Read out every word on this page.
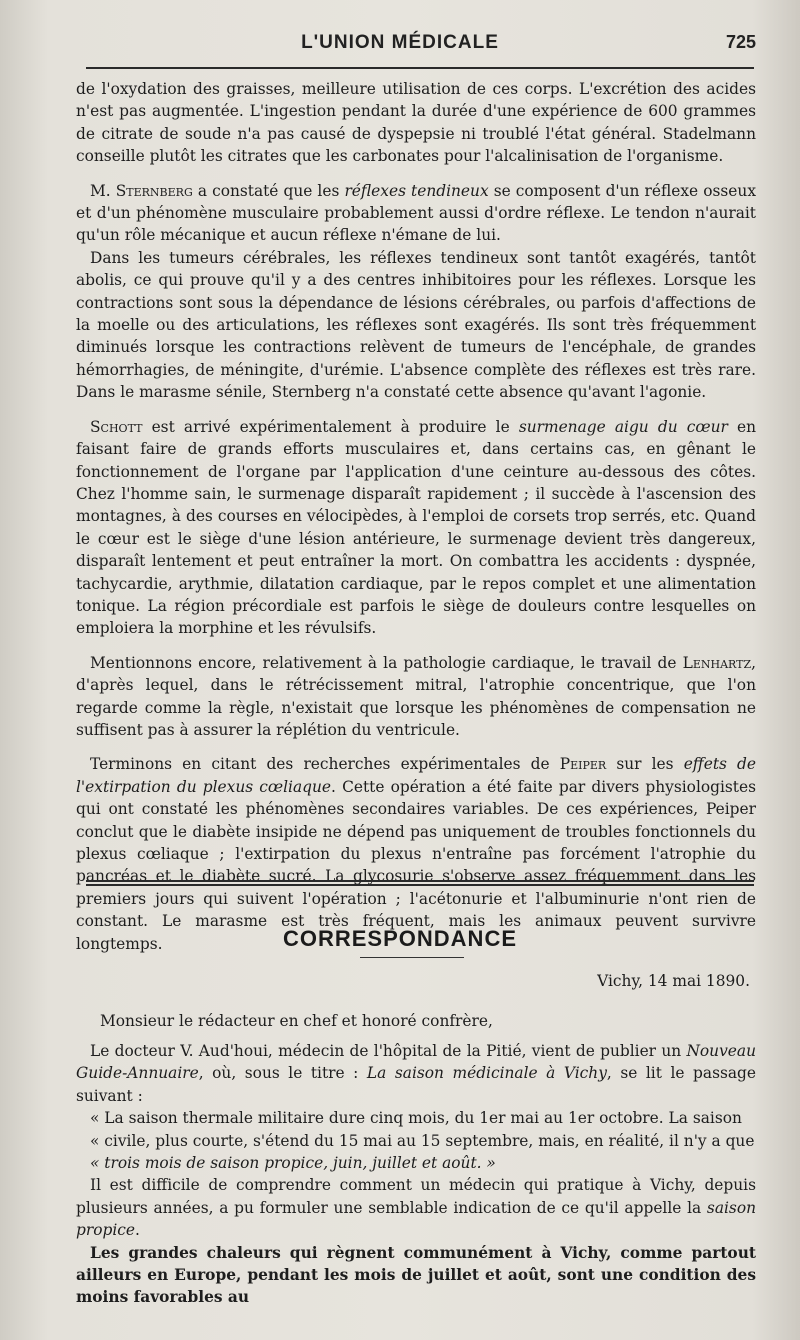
L'UNION MÉDICALE	725

de l'oxydation des graisses, meilleure utilisation de ces corps. L'excrétion des acides n'est pas augmentée. L'ingestion pendant la durée d'une expérience de 600 grammes de citrate de soude n'a pas causé de dyspepsie ni troublé l'état général. Stadelmann conseille plutôt les citrates que les carbonates pour l'alcalinisation de l'organisme.

M. Sternberg a constaté que les réflexes tendineux se composent d'un réflexe osseux et d'un phénomène musculaire probablement aussi d'ordre réflexe. Le tendon n'aurait qu'un rôle mécanique et aucun réflexe n'émane de lui.

Dans les tumeurs cérébrales, les réflexes tendineux sont tantôt exagérés, tantôt abolis, ce qui prouve qu'il y a des centres inhibitoires pour les réflexes. Lorsque les contractions sont sous la dépendance de lésions cérébrales, ou parfois d'affections de la moelle ou des articulations, les réflexes sont exagérés. Ils sont très fréquemment diminués lorsque les contractions relèvent de tumeurs de l'encéphale, de grandes hémorrhagies, de méningite, d'urémie. L'absence complète des réflexes est très rare. Dans le marasme sénile, Sternberg n'a constaté cette absence qu'avant l'agonie.

Schott est arrivé expérimentalement à produire le surmenage aigu du cœur en faisant faire de grands efforts musculaires et, dans certains cas, en gênant le fonctionnement de l'organe par l'application d'une ceinture au-dessous des côtes. Chez l'homme sain, le surmenage disparaît rapidement ; il succède à l'ascension des montagnes, à des courses en vélocipèdes, à l'emploi de corsets trop serrés, etc. Quand le cœur est le siège d'une lésion antérieure, le surmenage devient très dangereux, disparaît lentement et peut entraîner la mort. On combattra les accidents : dyspnée, tachycardie, arythmie, dilatation cardiaque, par le repos complet et une alimentation tonique. La région précordiale est parfois le siège de douleurs contre lesquelles on emploiera la morphine et les révulsifs.

Mentionnons encore, relativement à la pathologie cardiaque, le travail de Lenhartz, d'après lequel, dans le rétrécissement mitral, l'atrophie concentrique, que l'on regarde comme la règle, n'existait que lorsque les phénomènes de compensation ne suffisent pas à assurer la réplétion du ventricule.

Terminons en citant des recherches expérimentales de Peiper sur les effets de l'extirpation du plexus cœliaque. Cette opération a été faite par divers physiologistes qui ont constaté les phénomènes secondaires variables. De ces expériences, Peiper conclut que le diabète insipide ne dépend pas uniquement de troubles fonctionnels du plexus cœliaque ; l'extirpation du plexus n'entraîne pas forcément l'atrophie du pancréas et le diabète sucré. La glycosurie s'observe assez fréquemment dans les premiers jours qui suivent l'opération ; l'acétonurie et l'albuminurie n'ont rien de constant. Le marasme est très fréquent, mais les animaux peuvent survivre longtemps.	CORRESPONDANCE
Vichy, 14 mai 1890.
Monsieur le rédacteur en chef et honoré confrère,

Le docteur V. Aud'houi, médecin de l'hôpital de la Pitié, vient de publier un Nouveau Guide-Annuaire, où, sous le titre : La saison médicinale à Vichy, se lit le passage suivant :

« La saison thermale militaire dure cinq mois, du 1er mai au 1er octobre. La saison

« civile, plus courte, s'étend du 15 mai au 15 septembre, mais, en réalité, il n'y a que

« trois mois de saison propice, juin, juillet et août. »

Il est difficile de comprendre comment un médecin qui pratique à Vichy, depuis plusieurs années, a pu formuler une semblable indication de ce qu'il appelle la saison propice.

Les grandes chaleurs qui règnent communément à Vichy, comme partout ailleurs en Europe, pendant les mois de juillet et août, sont une condition des moins favorables au
